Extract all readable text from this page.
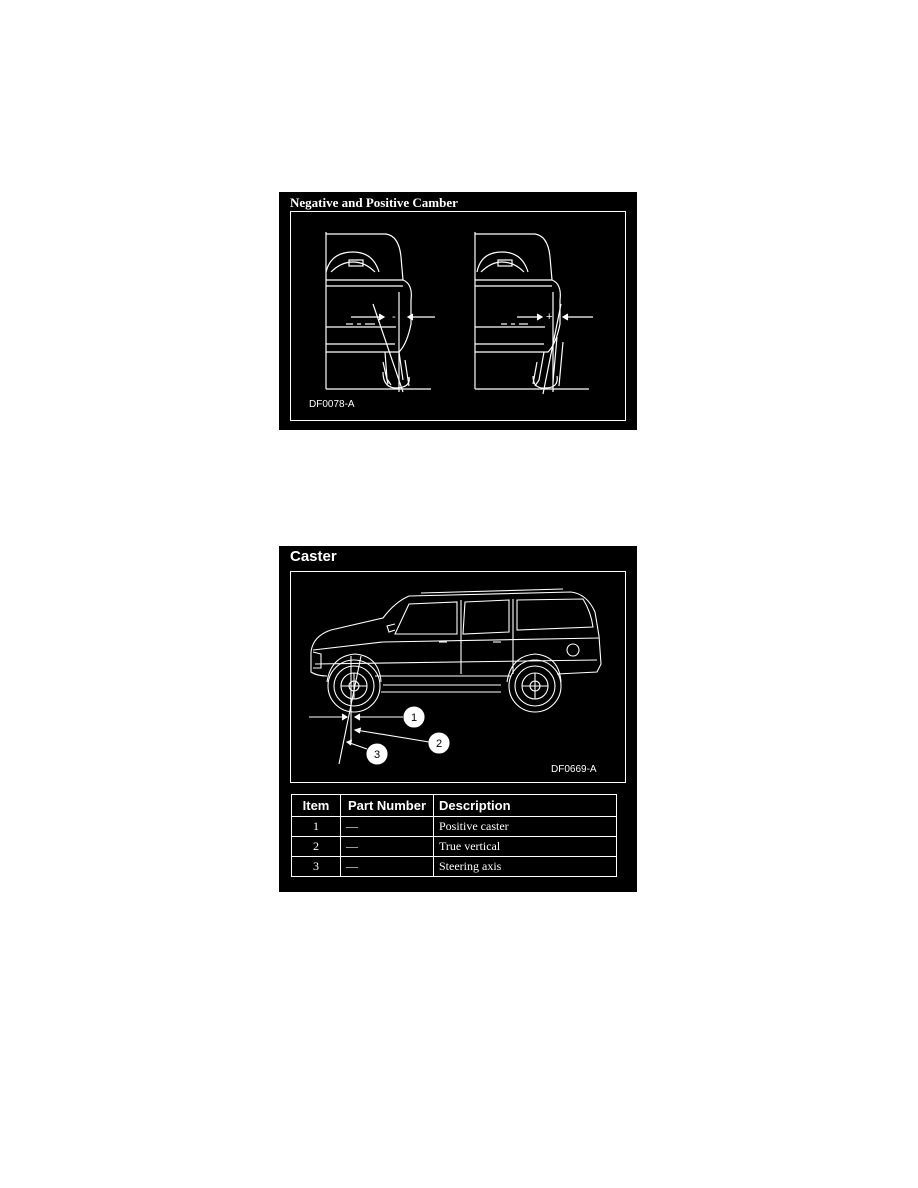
Negative and Positive Camber
-	+
DF0078-A
Caster
1
2
3
DF0669-A
Item	Part Number	Description
1	—	Positive caster
2	—	True vertical
3	—	Steering axis
